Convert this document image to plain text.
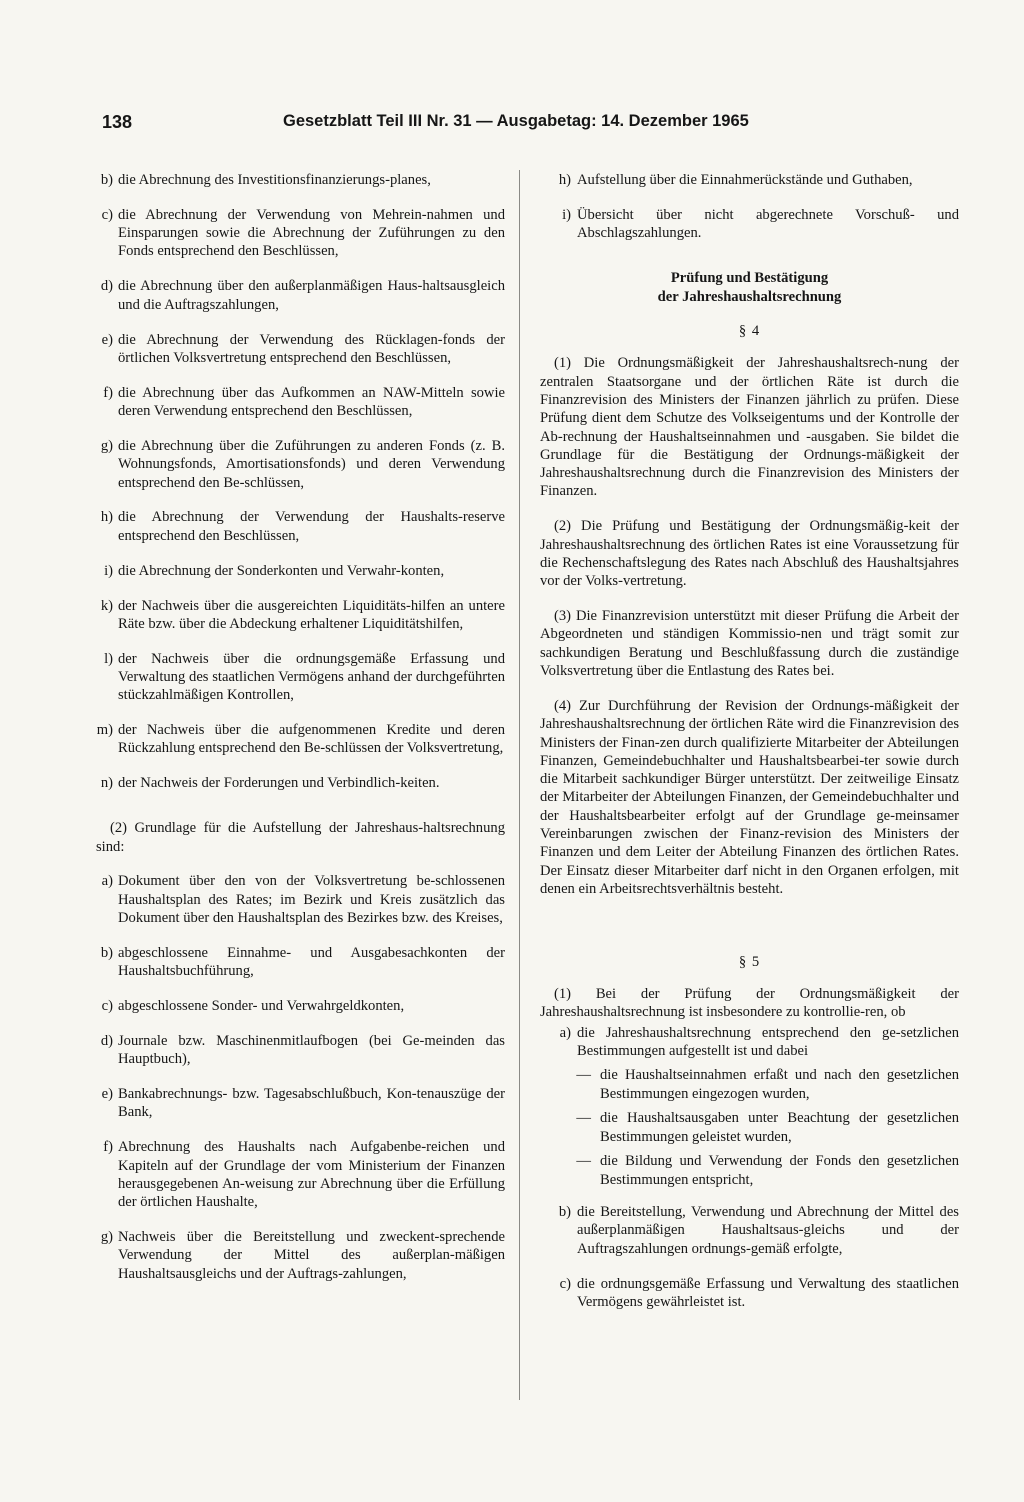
138	Gesetzblatt Teil III Nr. 31 — Ausgabetag: 14. Dezember 1965
b) die Abrechnung des Investitionsfinanzierungs-planes,
c) die Abrechnung der Verwendung von Mehrein-nahmen und Einsparungen sowie die Abrechnung der Zuführungen zu den Fonds entsprechend den Beschlüssen,
d) die Abrechnung über den außerplanmäßigen Haus-haltsausgleich und die Auftragszahlungen,
e) die Abrechnung der Verwendung des Rücklagen-fonds der örtlichen Volksvertretung entsprechend den Beschlüssen,
f) die Abrechnung über das Aufkommen an NAW-Mitteln sowie deren Verwendung entsprechend den Beschlüssen,
g) die Abrechnung über die Zuführungen zu anderen Fonds (z. B. Wohnungsfonds, Amortisationsfonds) und deren Verwendung entsprechend den Be-schlüssen,
h) die Abrechnung der Verwendung der Haushalts-reserve entsprechend den Beschlüssen,
i) die Abrechnung der Sonderkonten und Verwahr-konten,
k) der Nachweis über die ausgereichten Liquiditäts-hilfen an untere Räte bzw. über die Abdeckung erhaltener Liquiditätshilfen,
l) der Nachweis über die ordnungsgemäße Erfassung und Verwaltung des staatlichen Vermögens anhand der durchgeführten stückzahlmäßigen Kontrollen,
m) der Nachweis über die aufgenommenen Kredite und deren Rückzahlung entsprechend den Be-schlüssen der Volksvertretung,
n) der Nachweis der Forderungen und Verbindlich-keiten.
(2) Grundlage für die Aufstellung der Jahreshaus-haltsrechnung sind:
a) Dokument über den von der Volksvertretung be-schlossenen Haushaltsplan des Rates; im Bezirk und Kreis zusätzlich das Dokument über den Haushaltsplan des Bezirkes bzw. des Kreises,
b) abgeschlossene Einnahme- und Ausgabesachkonten der Haushaltsbuchführung,
c) abgeschlossene Sonder- und Verwahrgeldkonten,
d) Journale bzw. Maschinenmitlaufbogen (bei Ge-meinden das Hauptbuch),
e) Bankabrechnungs- bzw. Tagesabschlußbuch, Kon-tenauszüge der Bank,
f) Abrechnung des Haushalts nach Aufgabenbe-reichen und Kapiteln auf der Grundlage der vom Ministerium der Finanzen herausgegebenen An-weisung zur Abrechnung über die Erfüllung der örtlichen Haushalte,
g) Nachweis über die Bereitstellung und zweckent-sprechende Verwendung der Mittel des außerplan-mäßigen Haushaltsausgleichs und der Auftrags-zahlungen,
h) Aufstellung über die Einnahmerückstände und Guthaben,
i) Übersicht über nicht abgerechnete Vorschuß- und Abschlagszahlungen.
Prüfung und Bestätigung
der Jahreshaushaltsrechnung
§ 4
(1) Die Ordnungsmäßigkeit der Jahreshaushaltsrech-nung der zentralen Staatsorgane und der örtlichen Räte ist durch die Finanzrevision des Ministers der Finanzen jährlich zu prüfen. Diese Prüfung dient dem Schutze des Volkseigentums und der Kontrolle der Ab-rechnung der Haushaltseinnahmen und -ausgaben. Sie bildet die Grundlage für die Bestätigung der Ordnungs-mäßigkeit der Jahreshaushaltsrechnung durch die Finanzrevision des Ministers der Finanzen.
(2) Die Prüfung und Bestätigung der Ordnungsmäßig-keit der Jahreshaushaltsrechnung des örtlichen Rates ist eine Voraussetzung für die Rechenschaftslegung des Rates nach Abschluß des Haushaltsjahres vor der Volks-vertretung.
(3) Die Finanzrevision unterstützt mit dieser Prüfung die Arbeit der Abgeordneten und ständigen Kommissio-nen und trägt somit zur sachkundigen Beratung und Beschlußfassung durch die zuständige Volksvertretung über die Entlastung des Rates bei.
(4) Zur Durchführung der Revision der Ordnungs-mäßigkeit der Jahreshaushaltsrechnung der örtlichen Räte wird die Finanzrevision des Ministers der Finan-zen durch qualifizierte Mitarbeiter der Abteilungen Finanzen, Gemeindebuchhalter und Haushaltsbearbei-ter sowie durch die Mitarbeit sachkundiger Bürger unterstützt. Der zeitweilige Einsatz der Mitarbeiter der Abteilungen Finanzen, der Gemeindebuchhalter und der Haushaltsbearbeiter erfolgt auf der Grundlage ge-meinsamer Vereinbarungen zwischen der Finanz-revision des Ministers der Finanzen und dem Leiter der Abteilung Finanzen des örtlichen Rates. Der Einsatz dieser Mitarbeiter darf nicht in den Organen erfolgen, mit denen ein Arbeitsrechtsverhältnis besteht.
§ 5
(1) Bei der Prüfung der Ordnungsmäßigkeit der Jahreshaushaltsrechnung ist insbesondere zu kontrollie-ren, ob
a) die Jahreshaushaltsrechnung entsprechend den ge-setzlichen Bestimmungen aufgestellt ist und dabei
— die Haushaltseinnahmen erfaßt und nach den gesetzlichen Bestimmungen eingezogen wurden,
— die Haushaltsausgaben unter Beachtung der gesetzlichen Bestimmungen geleistet wurden,
— die Bildung und Verwendung der Fonds den gesetzlichen Bestimmungen entspricht,
b) die Bereitstellung, Verwendung und Abrechnung der Mittel des außerplanmäßigen Haushaltsaus-gleichs und der Auftragszahlungen ordnungs-gemäß erfolgte,
c) die ordnungsgemäße Erfassung und Verwaltung des staatlichen Vermögens gewährleistet ist.
